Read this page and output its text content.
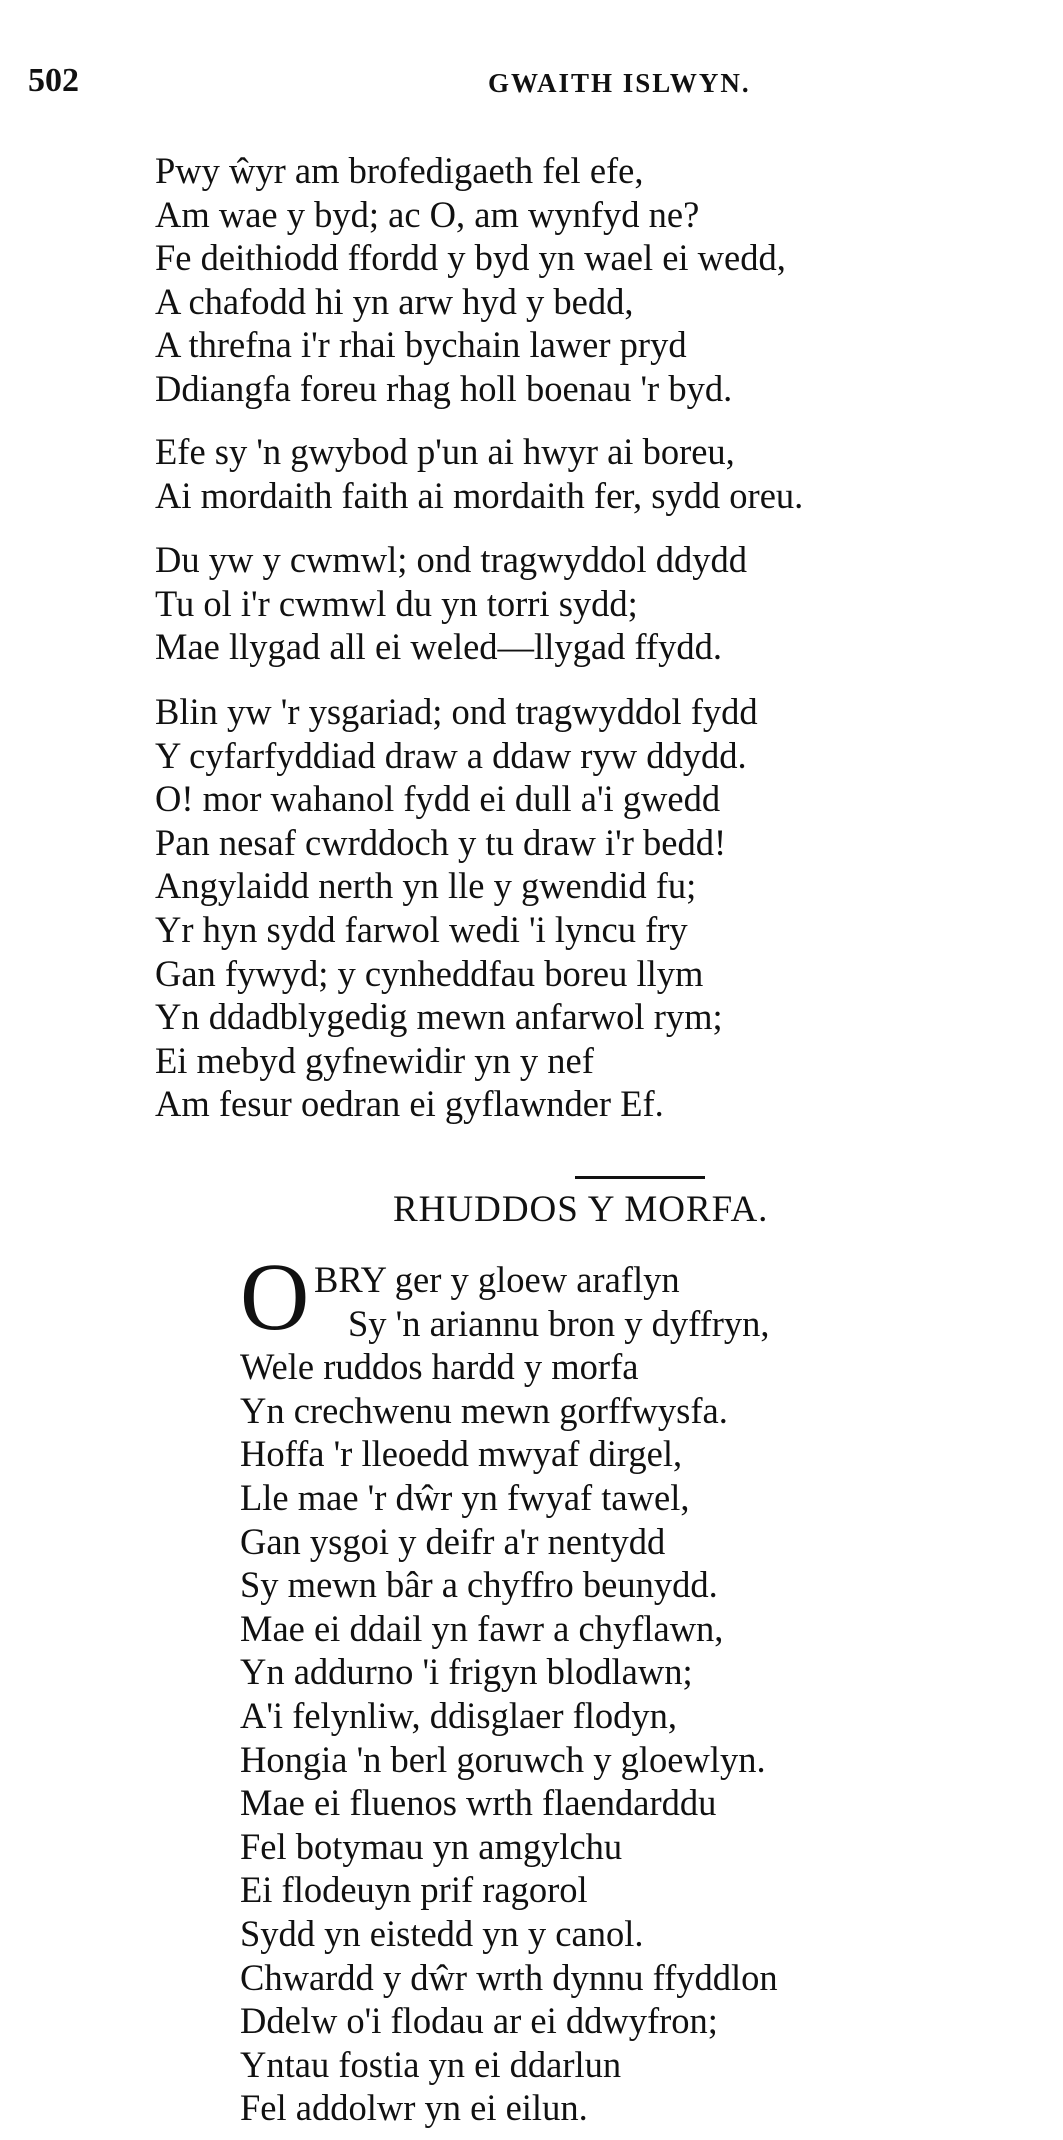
502	GWAITH ISLWYN.
Pwy ŵyr am brofedigaeth fel efe,
Am wae y byd; ac O, am wynfyd ne?
Fe deithiodd ffordd y byd yn wael ei wedd,
A chafodd hi yn arw hyd y bedd,
A threfna i'r rhai bychain lawer pryd
Ddiangfa foreu rhag holl boenau 'r byd.
Efe sy 'n gwybod p'un ai hwyr ai boreu,
Ai mordaith faith ai mordaith fer, sydd oreu.
Du yw y cwmwl; ond tragwyddol ddydd
Tu ol i'r cwmwl du yn torri sydd;
Mae llygad all ei weled—llygad ffydd.
Blin yw 'r ysgariad; ond tragwyddol fydd
Y cyfarfyddiad draw a ddaw ryw ddydd.
O! mor wahanol fydd ei dull a'i gwedd
Pan nesaf cwrddoch y tu draw i'r bedd!
Angylaidd nerth yn lle y gwendid fu;
Yr hyn sydd farwol wedi 'i lyncu fry
Gan fywyd; y cynheddfau boreu llym
Yn ddadblygedig mewn anfarwol rym;
Ei mebyd gyfnewidir yn y nef
Am fesur oedran ei gyflawnder Ef.
RHUDDOS Y MORFA.
O BRY ger y gloew araflyn
Sy 'n ariannu bron y dyffryn,
Wele ruddos hardd y morfa
Yn crechwenu mewn gorffwysfa.
Hoffa 'r lleoedd mwyaf dirgel,
Lle mae 'r dŵr yn fwyaf tawel,
Gan ysgoi y deifr a'r nentydd
Sy mewn bâr a chyffro beunydd.
Mae ei ddail yn fawr a chyflawn,
Yn addurno 'i frigyn blodlawn;
A'i felynliw, ddisglaer flodyn,
Hongia 'n berl goruwch y gloewlyn.
Mae ei fluenos wrth flaendarddu
Fel botymau yn amgylchu
Ei flodeuyn prif ragorol
Sydd yn eistedd yn y canol.
Chwardd y dŵr wrth dynnu ffyddlon
Ddelw o'i flodau ar ei ddwyfron;
Yntau fostia yn ei ddarlun
Fel addolwr yn ei eilun.
